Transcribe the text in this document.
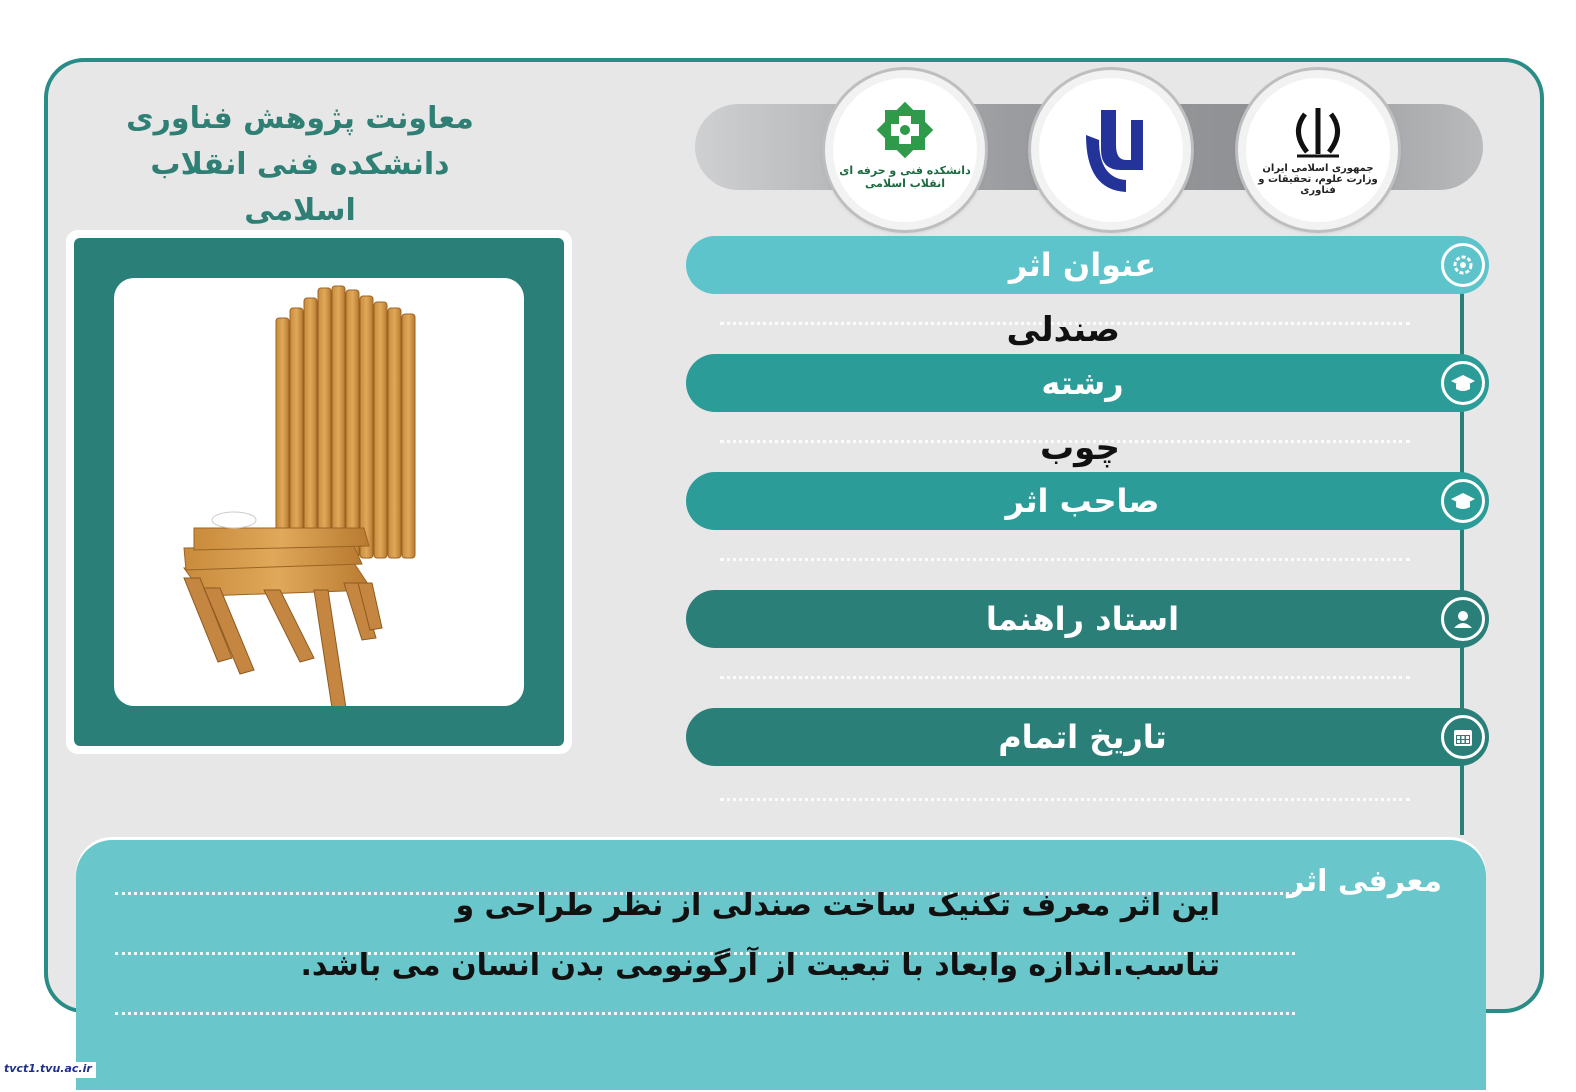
معاونت پژوهش فناوری
دانشکده فنی انقلاب اسلامی
دانشکده فنی و حرفه ای انقلاب اسلامی
جمهوری اسلامی ایران وزارت علوم، تحقیقات و فناوری
عنوان اثر
صندلی
رشته
چوب
صاحب اثر
استاد راهنما
تاریخ اتمام
معرفی اثر
این اثر معرف تکنیک ساخت صندلی از نظر طراحی و
تناسب.اندازه وابعاد با تبعیت از آرگونومی بدن انسان می باشد.
tvct1.tvu.ac.ir
